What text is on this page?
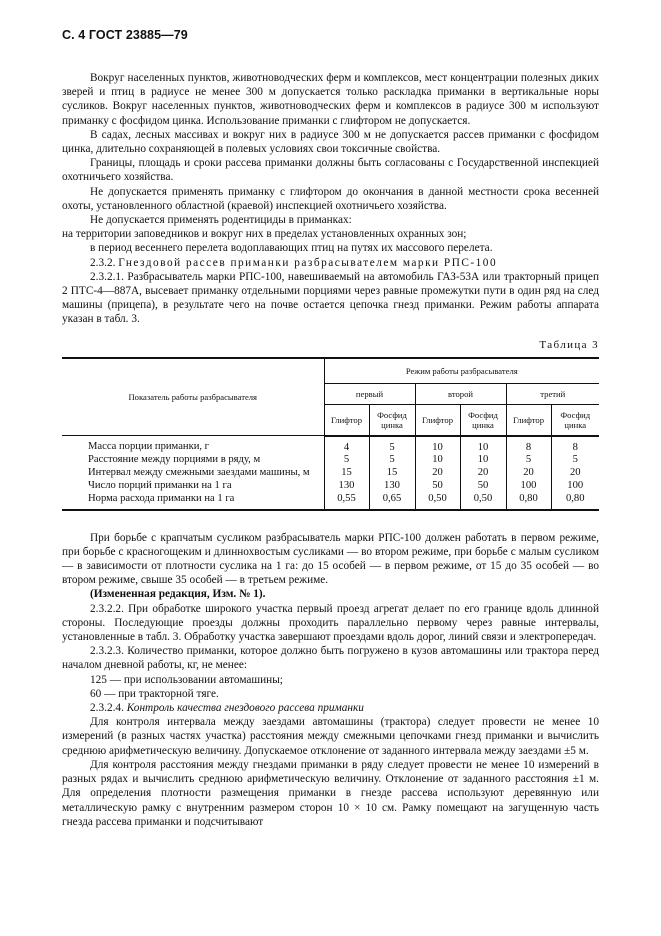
С. 4 ГОСТ 23885—79

Вокруг населенных пунктов, животноводческих ферм и комплексов, мест концентрации полезных диких зверей и птиц в радиусе не менее 300 м допускается только раскладка приманки в вертикальные норы сусликов. Вокруг населенных пунктов, животноводческих ферм и комплексов в радиусе 300 м используют приманку с фосфидом цинка. Использование приманки с глифтором не допускается.

В садах, лесных массивах и вокруг них в радиусе 300 м не допускается рассев приманки с фосфидом цинка, длительно сохраняющей в полевых условиях свои токсичные свойства.

Границы, площадь и сроки рассева приманки должны быть согласованы с Государственной инспекцией охотничьего хозяйства.

Не допускается применять приманку с глифтором до окончания в данной местности срока весенней охоты, установленного областной (краевой) инспекцией охотничьего хозяйства.

Не допускается применять родентициды в приманках:

на территории заповедников и вокруг них в пределах установленных охранных зон;

в период весеннего перелета водоплавающих птиц на путях их массового перелета.

2.3.2. Гнездовой рассев приманки разбрасывателем марки РПС-100

2.3.2.1. Разбрасыватель марки РПС-100, навешиваемый на автомобиль ГАЗ-53А или тракторный прицеп 2 ПТС-4—887А, высевает приманку отдельными порциями через равные промежутки пути в один ряд на след машины (прицепа), в результате чего на почве остается цепочка гнезд приманки. Режим работы аппарата указан в табл. 3.

Таблица 3
Показатель работы разбрасывателя	Режим работы разбрасывателя					
	первый		второй		третий	
	Глифтор	Фосфид цинка	Глифтор	Фосфид цинка	Глифтор	Фосфид цинка
Масса порции приманки, г	4	5	10	10	8	8
Расстояние между порциями в ряду, м	5	5	10	10	5	5
Интервал между смежными заездами машины, м	15	15	20	20	20	20
Число порций приманки на 1 га	130	130	50	50	100	100
Норма расхода приманки на 1 га	0,55	0,65	0,50	0,50	0,80	0,80

При борьбе с крапчатым сусликом разбрасыватель марки РПС-100 должен работать в первом режиме, при борьбе с красногощеким и длиннохвостым сусликами — во втором режиме, при борьбе с малым сусликом — в зависимости от плотности суслика на 1 га: до 15 особей — в первом режиме, от 15 до 35 особей — во втором режиме, свыше 35 особей — в третьем режиме.

(Измененная редакция, Изм. № 1).

2.3.2.2. При обработке широкого участка первый проезд агрегат делает по его границе вдоль длинной стороны. Последующие проезды должны проходить параллельно первому через равные интервалы, установленные в табл. 3. Обработку участка завершают проездами вдоль дорог, линий связи и электропередач.

2.3.2.3. Количество приманки, которое должно быть погружено в кузов автомашины или трактора перед началом дневной работы, кг, не менее:

125 — при использовании автомашины;

60 — при тракторной тяге.

2.3.2.4. Контроль качества гнездового рассева приманки

Для контроля интервала между заездами автомашины (трактора) следует провести не менее 10 измерений (в разных частях участка) расстояния между смежными цепочками гнезд приманки и вычислить среднюю арифметическую величину. Допускаемое отклонение от заданного интервала между заездами ±5 м.

Для контроля расстояния между гнездами приманки в ряду следует провести не менее 10 измерений в разных рядах и вычислить среднюю арифметическую величину. Отклонение от заданного расстояния ±1 м. Для определения плотности размещения приманки в гнезде рассева используют деревянную или металлическую рамку с внутренним размером сторон 10 × 10 см. Рамку помещают на загущенную часть гнезда рассева приманки и подсчитывают
